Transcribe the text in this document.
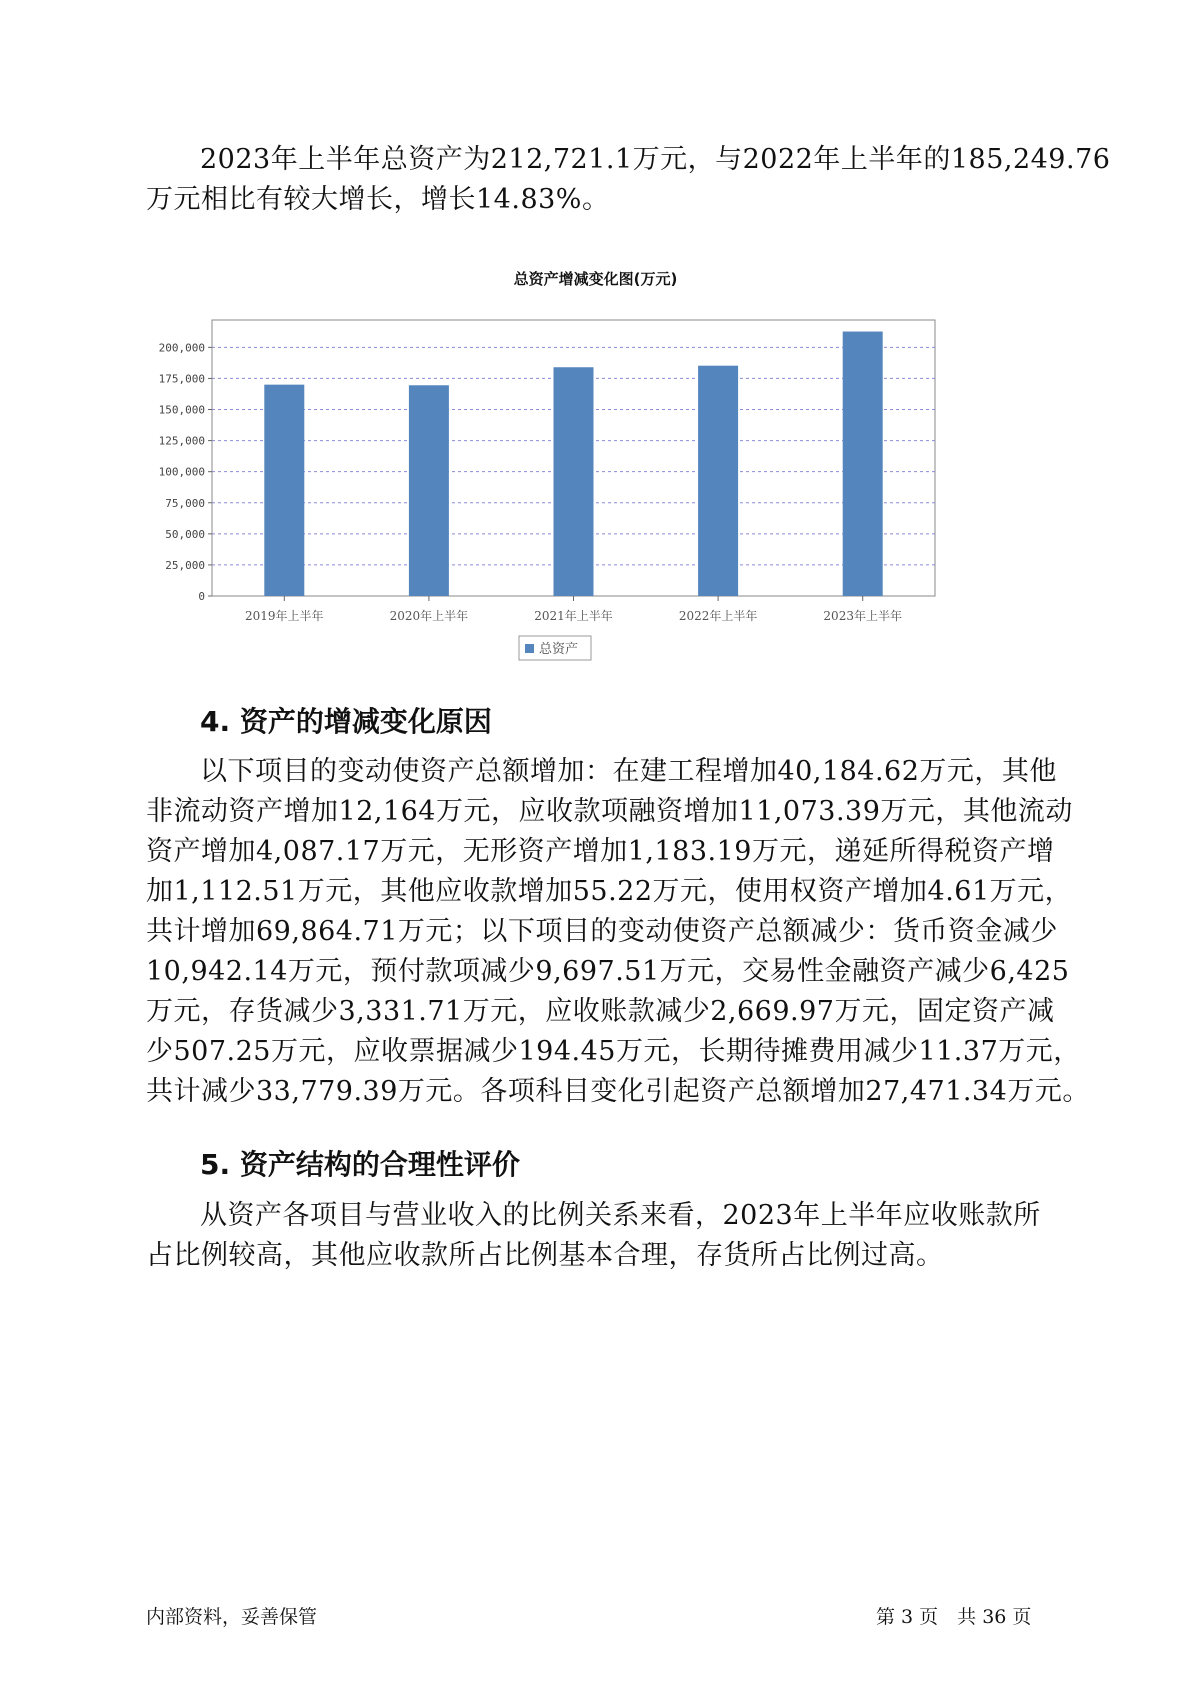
2023年上半年总资产为212,721.1万元，与2022年上半年的185,249.76
万元相比有较大增长，增长14.83%。
总资产增减变化图(万元)
0
25,000
50,000
75,000
100,000
125,000
150,000
175,000
200,000
2019年上半年	2020年上半年	2021年上半年	2022年上半年	2023年上半年
总资产
4. 资产的增减变化原因
以下项目的变动使资产总额增加：在建工程增加40,184.62万元，其他
非流动资产增加12,164万元，应收款项融资增加11,073.39万元，其他流动
资产增加4,087.17万元，无形资产增加1,183.19万元，递延所得税资产增
加1,112.51万元，其他应收款增加55.22万元，使用权资产增加4.61万元，
共计增加69,864.71万元；以下项目的变动使资产总额减少：货币资金减少
10,942.14万元，预付款项减少9,697.51万元，交易性金融资产减少6,425
万元，存货减少3,331.71万元，应收账款减少2,669.97万元，固定资产减
少507.25万元，应收票据减少194.45万元，长期待摊费用减少11.37万元，
共计减少33,779.39万元。各项科目变化引起资产总额增加27,471.34万元。
5. 资产结构的合理性评价
从资产各项目与营业收入的比例关系来看，2023年上半年应收账款所
占比例较高，其他应收款所占比例基本合理，存货所占比例过高。
内部资料，妥善保管	第 3 页　共 36 页
